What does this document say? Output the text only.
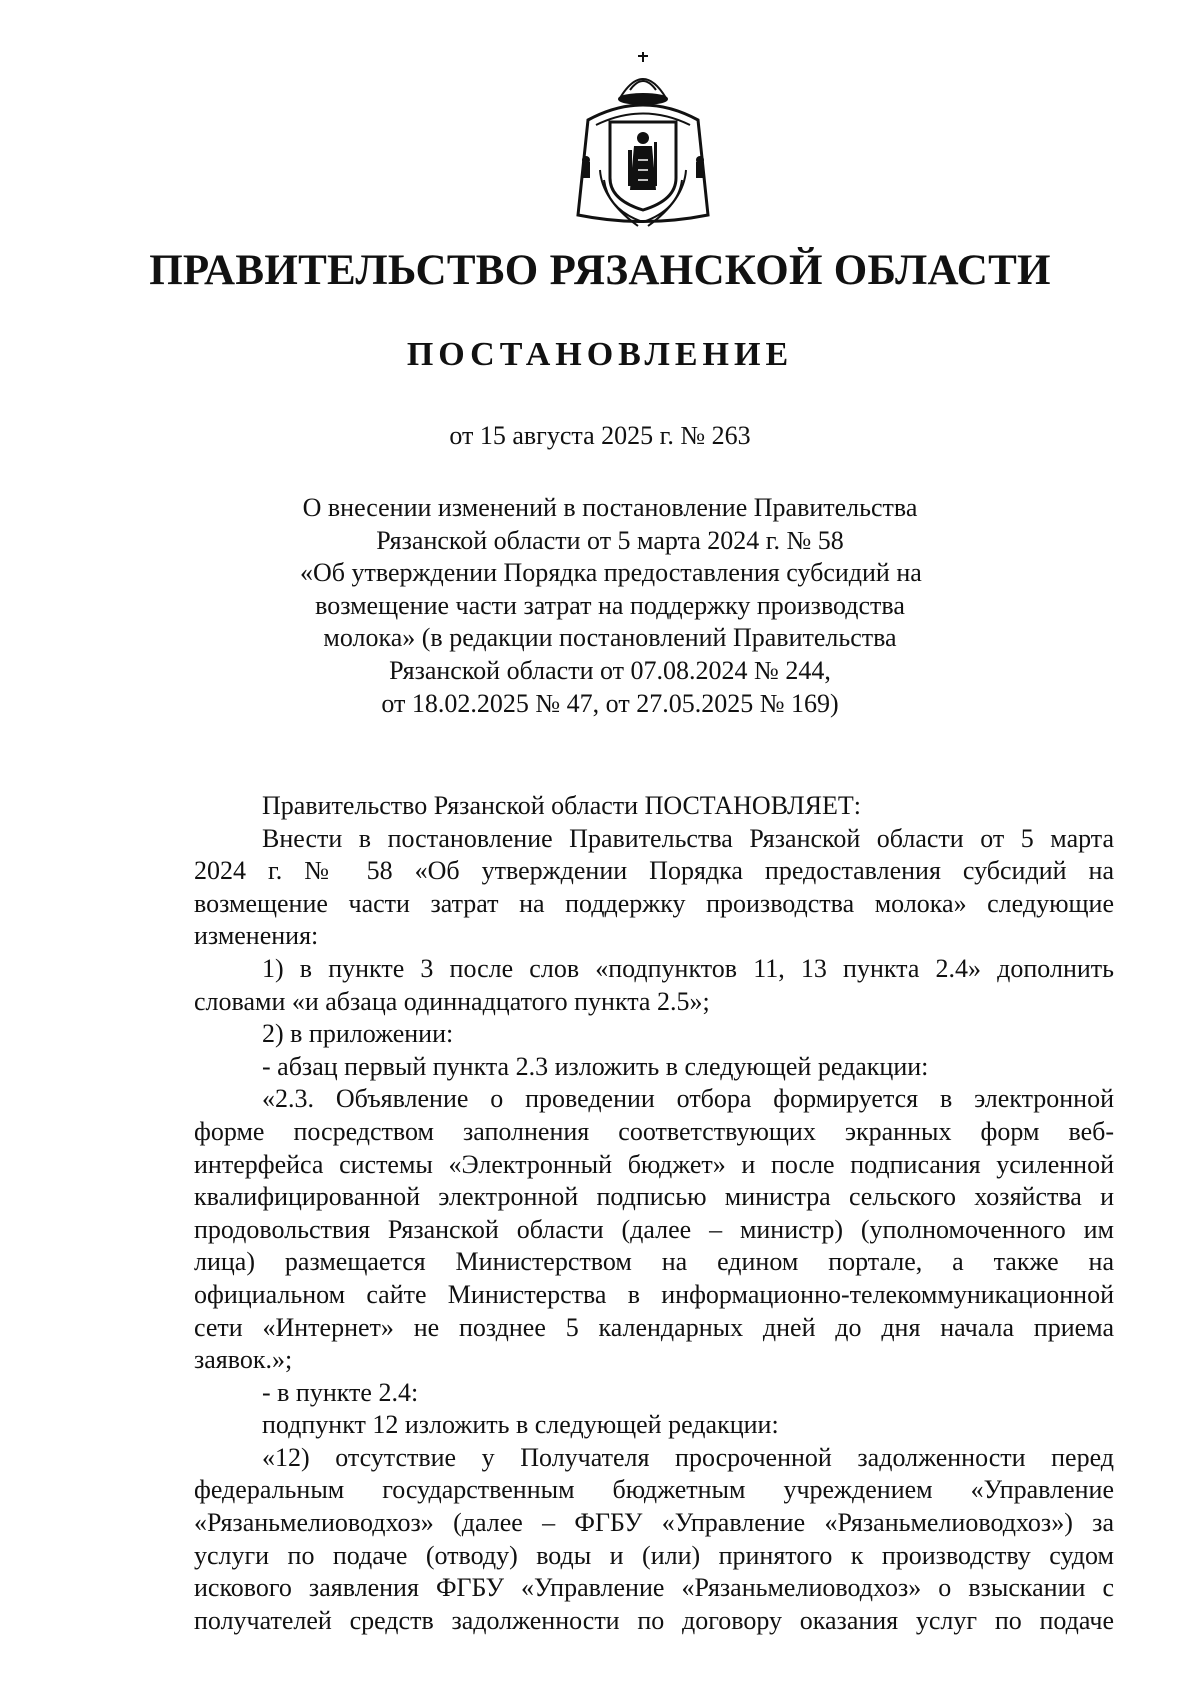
ПРАВИТЕЛЬСТВО РЯЗАНСКОЙ ОБЛАСТИ
ПОСТАНОВЛЕНИЕ
от 15 августа 2025 г. № 263
О внесении изменений в постановление Правительства
Рязанской области от 5 марта 2024 г. № 58
«Об утверждении Порядка предоставления субсидий на
возмещение части затрат на поддержку производства
молока» (в редакции постановлений Правительства
Рязанской области от 07.08.2024 № 244,
от 18.02.2025 № 47, от 27.05.2025 № 169)
Правительство Рязанской области ПОСТАНОВЛЯЕТ:
Внести в постановление Правительства Рязанской области от 5 марта
2024 г. № 58 «Об утверждении Порядка предоставления субсидий на
возмещение части затрат на поддержку производства молока» следующие
изменения:
1) в пункте 3 после слов «подпунктов 11, 13 пункта 2.4» дополнить
словами «и абзаца одиннадцатого пункта 2.5»;
2) в приложении:
- абзац первый пункта 2.3 изложить в следующей редакции:
«2.3. Объявление о проведении отбора формируется в электронной
форме посредством заполнения соответствующих экранных форм веб-
интерфейса системы «Электронный бюджет» и после подписания усиленной
квалифицированной электронной подписью министра сельского хозяйства и
продовольствия Рязанской области (далее – министр) (уполномоченного им
лица) размещается Министерством на едином портале, а также на
официальном сайте Министерства в информационно-телекоммуникационной
сети «Интернет» не позднее 5 календарных дней до дня начала приема
заявок.»;
- в пункте 2.4:
подпункт 12 изложить в следующей редакции:
«12) отсутствие у Получателя просроченной задолженности перед
федеральным государственным бюджетным учреждением «Управление
«Рязаньмелиоводхоз» (далее – ФГБУ «Управление «Рязаньмелиоводхоз») за
услуги по подаче (отводу) воды и (или) принятого к производству судом
искового заявления ФГБУ «Управление «Рязаньмелиоводхоз» о взыскании с
получателей средств задолженности по договору оказания услуг по подаче
